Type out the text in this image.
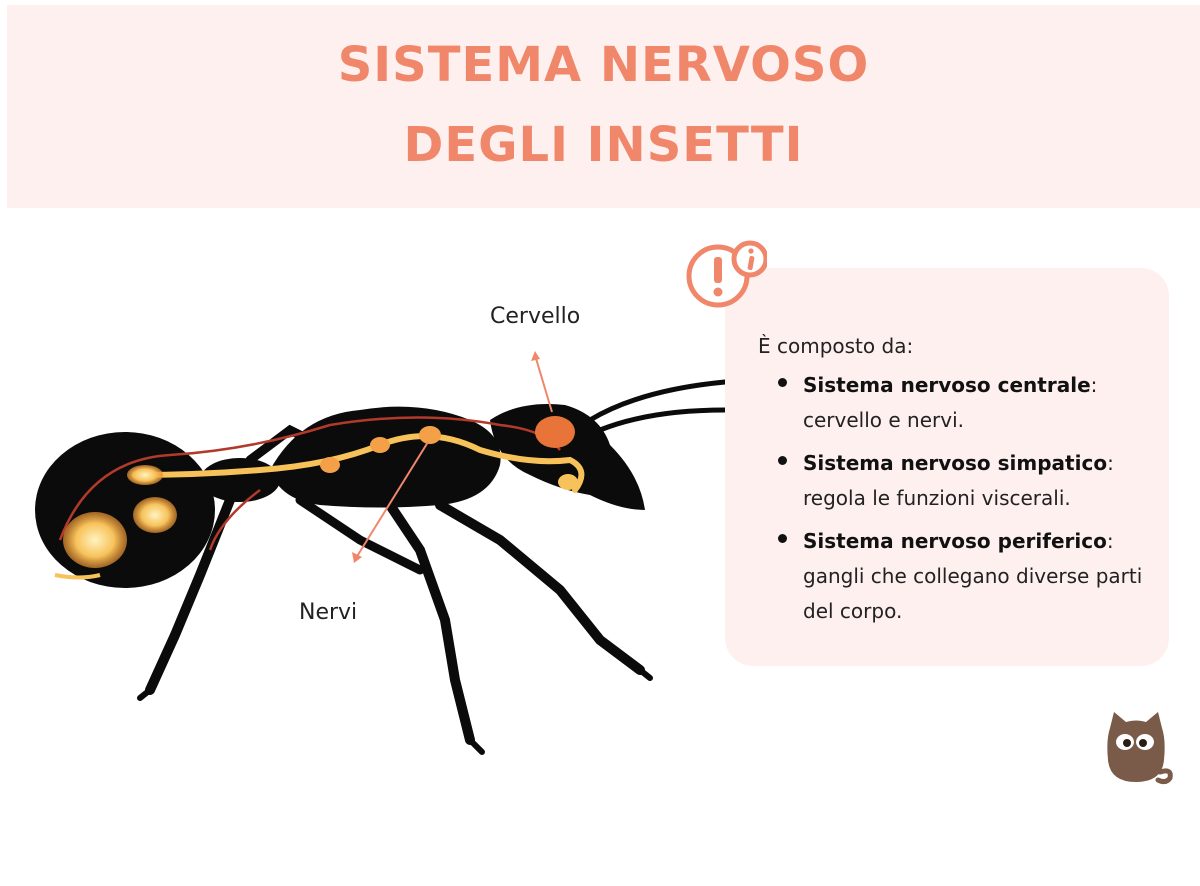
SISTEMA NERVOSO
DEGLI INSETTI
Cervello
Nervi
È composto da:
Sistema nervoso centrale:
cervello e nervi.
Sistema nervoso simpatico:
regola le funzioni viscerali.
Sistema nervoso periferico:
gangli che collegano diverse parti del corpo.
